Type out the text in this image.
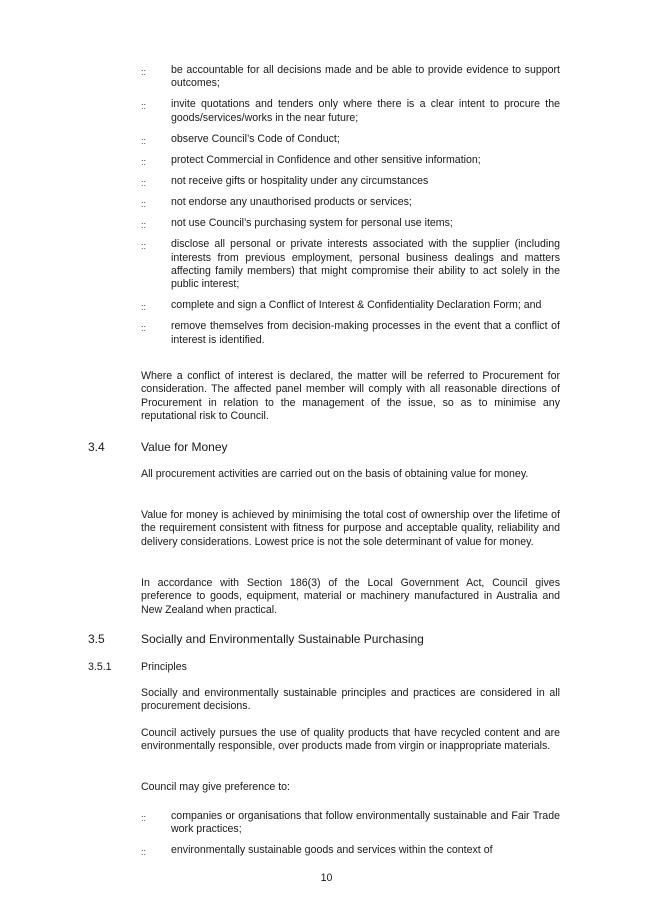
:: be accountable for all decisions made and be able to provide evidence to support outcomes;
:: invite quotations and tenders only where there is a clear intent to procure the goods/services/works in the near future;
:: observe Council’s Code of Conduct;
:: protect Commercial in Confidence and other sensitive information;
:: not receive gifts or hospitality under any circumstances
:: not endorse any unauthorised products or services;
:: not use Council’s purchasing system for personal use items;
:: disclose all personal or private interests associated with the supplier (including interests from previous employment, personal business dealings and matters affecting family members) that might compromise their ability to act solely in the public interest;
:: complete and sign a Conflict of Interest & Confidentiality Declaration Form; and
:: remove themselves from decision-making processes in the event that a conflict of interest is identified.

Where a conflict of interest is declared, the matter will be referred to Procurement for consideration. The affected panel member will comply with all reasonable directions of Procurement in relation to the management of the issue, so as to minimise any reputational risk to Council.

3.4	Value for Money

All procurement activities are carried out on the basis of obtaining value for money.

Value for money is achieved by minimising the total cost of ownership over the lifetime of the requirement consistent with fitness for purpose and acceptable quality, reliability and delivery considerations. Lowest price is not the sole determinant of value for money.

In accordance with Section 186(3) of the Local Government Act, Council gives preference to goods, equipment, material or machinery manufactured in Australia and New Zealand when practical.

3.5	Socially and Environmentally Sustainable Purchasing
3.5.1	Principles

Socially and environmentally sustainable principles and practices are considered in all procurement decisions.

Council actively pursues the use of quality products that have recycled content and are environmentally responsible, over products made from virgin or inappropriate materials.

Council may give preference to:

:: companies or organisations that follow environmentally sustainable and Fair Trade work practices;
:: environmentally sustainable goods and services within the context of
10
